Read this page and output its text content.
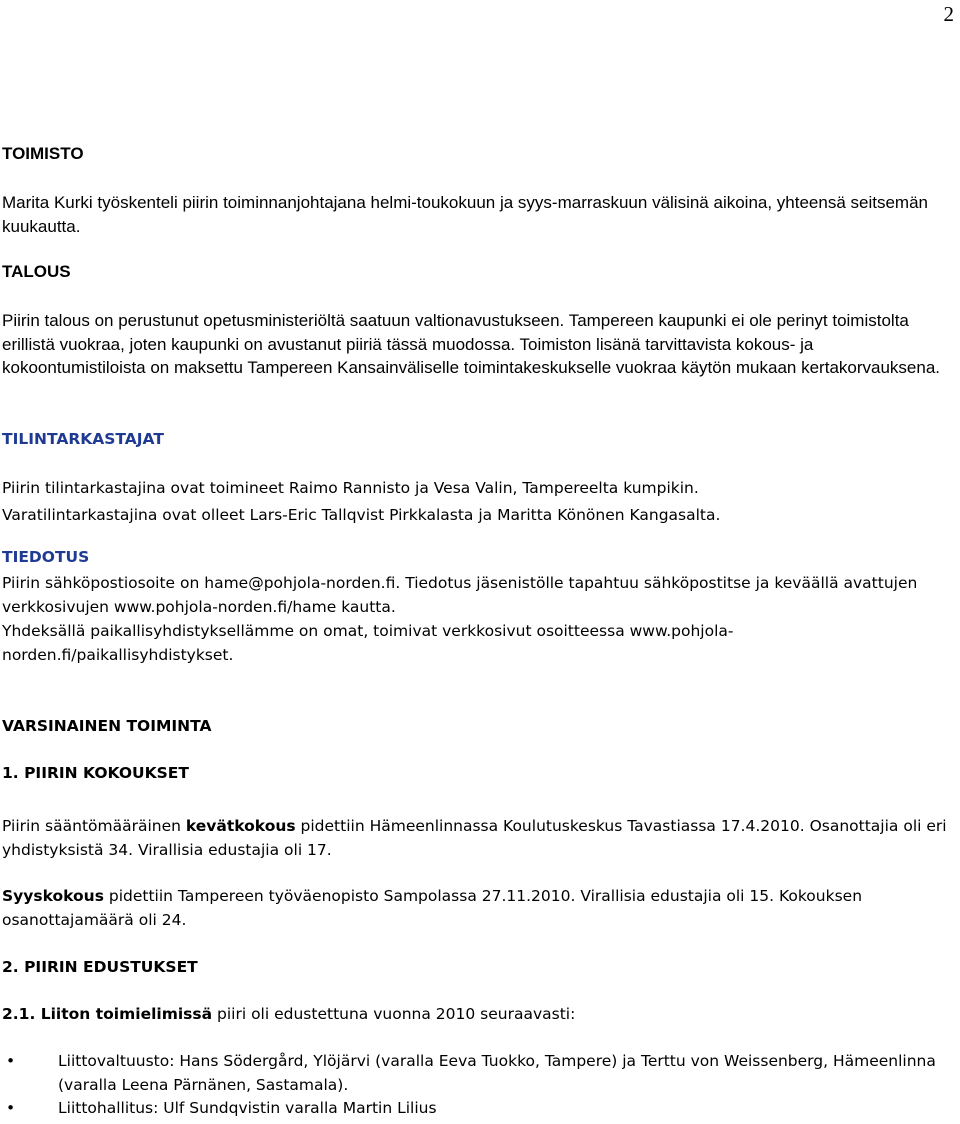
2
TOIMISTO

Marita Kurki työskenteli piirin toiminnanjohtajana helmi-toukokuun ja syys-marraskuun välisinä aikoina, yhteensä seitsemän kuukautta.

TALOUS

Piirin talous on perustunut opetusministeriöltä saatuun valtionavustukseen. Tampereen kaupunki ei ole perinyt toimistolta erillistä vuokraa, joten kaupunki on avustanut piiriä tässä muodossa. Toimiston lisänä tarvittavista kokous- ja kokoontumistiloista on maksettu Tampereen Kansainväliselle toimintakeskukselle vuokraa käytön mukaan kertakorvauksena.

TILINTARKASTAJAT

Piirin tilintarkastajina ovat toimineet Raimo Rannisto ja Vesa Valin, Tampereelta kumpikin.

Varatilintarkastajina ovat olleet Lars-Eric Tallqvist Pirkkalasta ja Maritta Könönen Kangasalta.

TIEDOTUS

Piirin sähköpostiosoite on hame@pohjola-norden.fi. Tiedotus jäsenistölle tapahtuu sähköpostitse ja keväällä avattujen verkkosivujen www.pohjola-norden.fi/hame kautta.

Yhdeksällä paikallisyhdistyksellämme on omat, toimivat verkkosivut osoitteessa www.pohjola-norden.fi/paikallisyhdistykset.

VARSINAINEN TOIMINTA
1. PIIRIN KOKOUKSET

Piirin sääntömääräinen kevätkokous pidettiin Hämeenlinnassa Koulutuskeskus Tavastiassa 17.4.2010. Osanottajia oli eri yhdistyksistä 34. Virallisia edustajia oli 17.

Syyskokous pidettiin Tampereen työväenopisto Sampolassa 27.11.2010. Virallisia edustajia oli 15. Kokouksen osanottajamäärä oli 24.

2. PIIRIN EDUSTUKSET

2.1. Liiton toimielimissä piiri oli edustettuna vuonna 2010 seuraavasti:

•	Liittovaltuusto: Hans Södergård, Ylöjärvi (varalla Eeva Tuokko, Tampere) ja Terttu von Weissenberg, Hämeenlinna (varalla Leena Pärnänen, Sastamala).
•	Liittohallitus: Ulf Sundqvistin varalla Martin Lilius
